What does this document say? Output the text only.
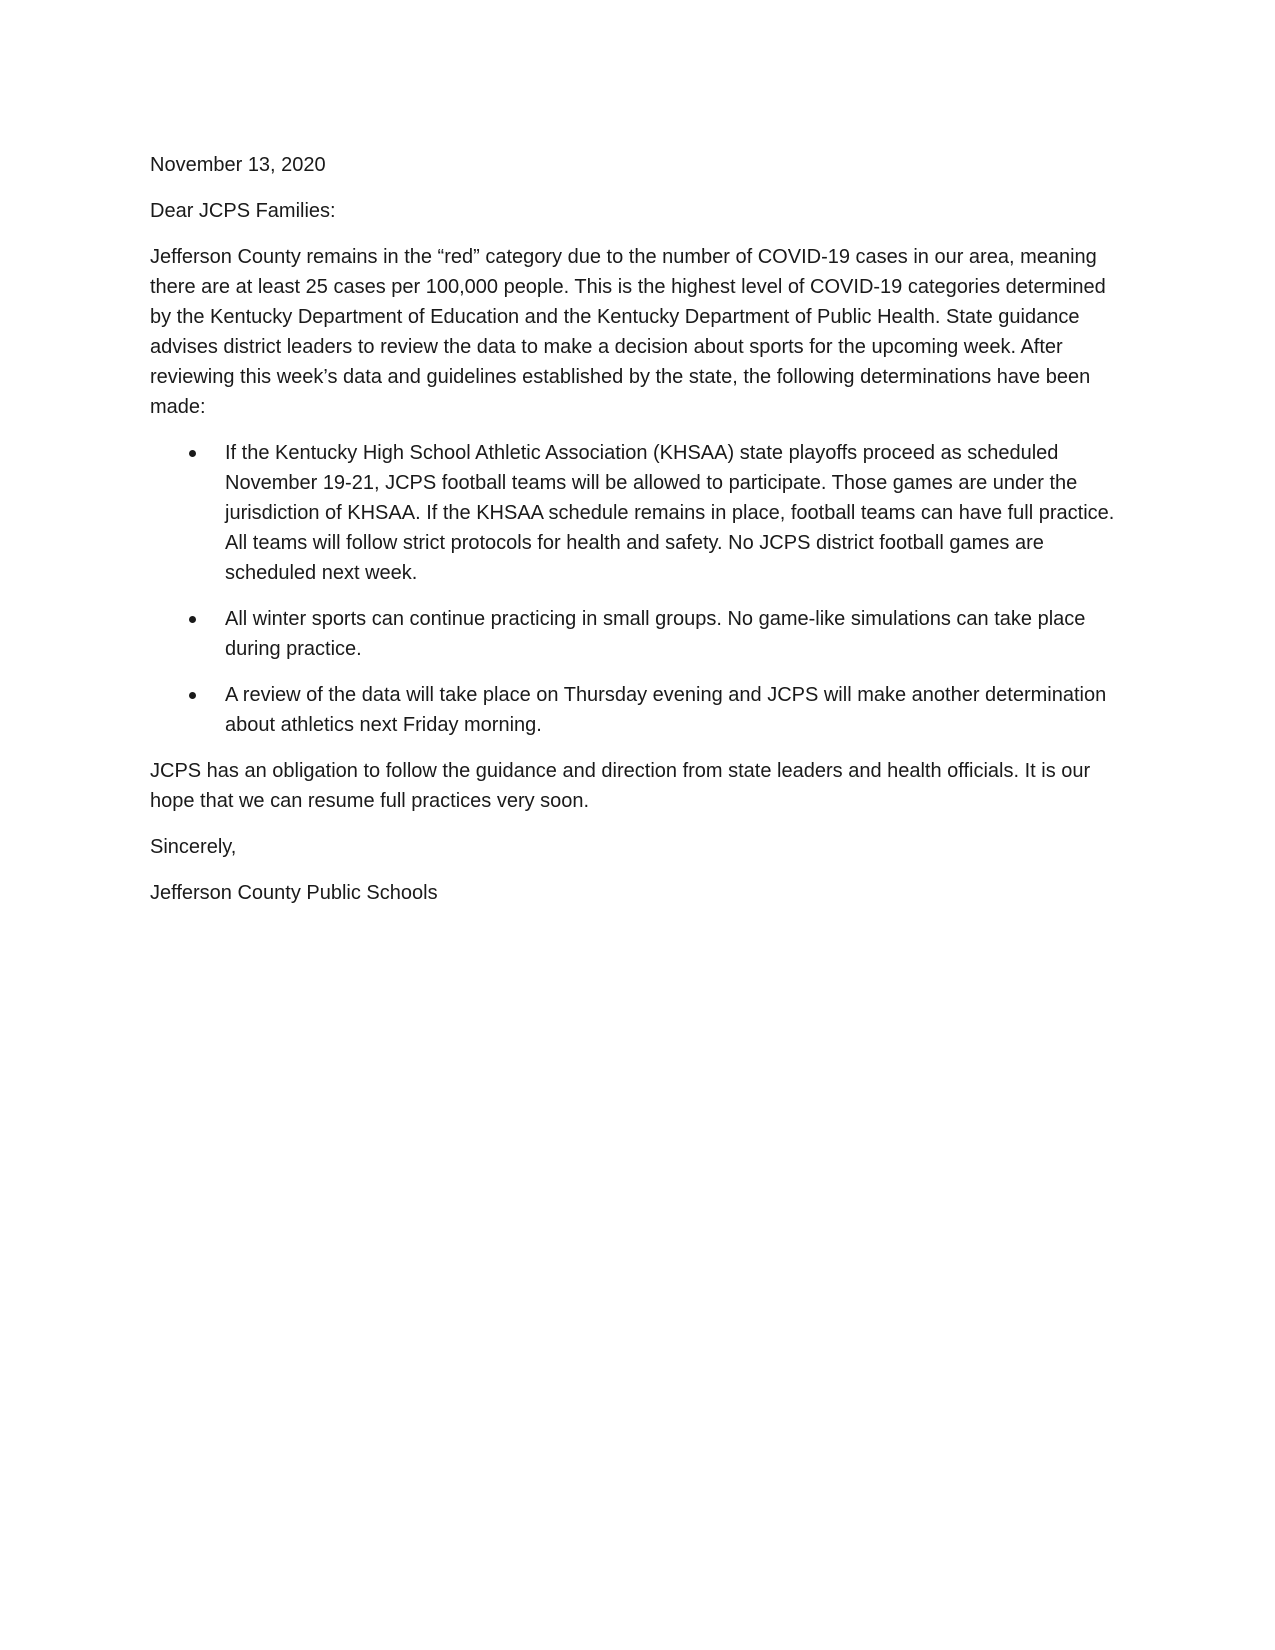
November 13, 2020

Dear JCPS Families:

Jefferson County remains in the “red” category due to the number of COVID-19 cases in our area, meaning there are at least 25 cases per 100,000 people. This is the highest level of COVID-19 categories determined by the Kentucky Department of Education and the Kentucky Department of Public Health. State guidance advises district leaders to review the data to make a decision about sports for the upcoming week. After reviewing this week’s data and guidelines established by the state, the following determinations have been made:

If the Kentucky High School Athletic Association (KHSAA) state playoffs proceed as scheduled November 19-21, JCPS football teams will be allowed to participate. Those games are under the jurisdiction of KHSAA. If the KHSAA schedule remains in place, football teams can have full practice. All teams will follow strict protocols for health and safety. No JCPS district football games are scheduled next week.
All winter sports can continue practicing in small groups. No game-like simulations can take place during practice.
A review of the data will take place on Thursday evening and JCPS will make another determination about athletics next Friday morning.

JCPS has an obligation to follow the guidance and direction from state leaders and health officials. It is our hope that we can resume full practices very soon.

Sincerely,

Jefferson County Public Schools
